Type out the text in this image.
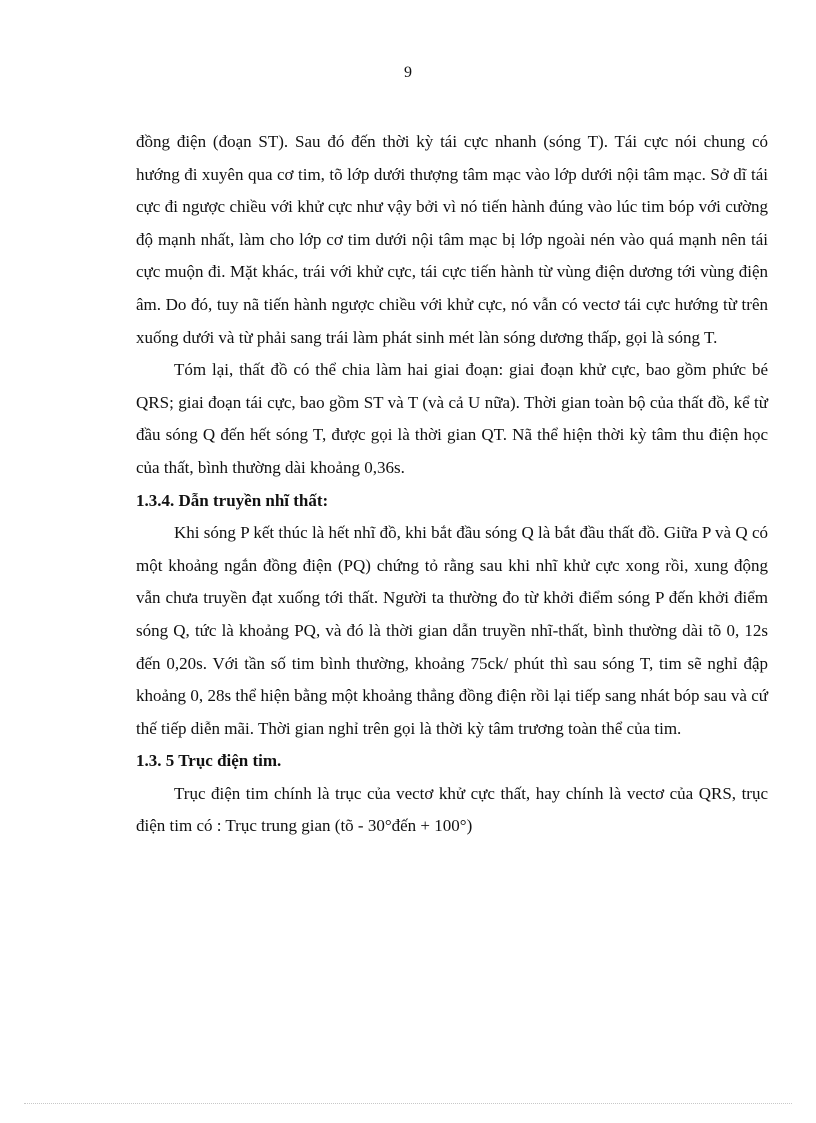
9

đồng điện (đoạn ST). Sau đó đến thời kỳ tái cực nhanh (sóng T). Tái cực nói chung có hướng đi xuyên qua cơ tim, tõ lớp dưới thượng tâm mạc vào lớp dưới nội tâm mạc. Sở dĩ tái cực đi ngược chiều với khử cực như vậy bởi vì nó tiến hành đúng vào lúc tim bóp với cường độ mạnh nhất, làm cho lớp cơ tim dưới nội tâm mạc bị lớp ngoài nén vào quá mạnh nên tái cực muộn đi. Mặt khác, trái với khử cực, tái cực tiến hành từ vùng điện dương tới vùng điện âm. Do đó, tuy nã tiến hành ngược chiều với khử cực, nó vẫn có vectơ tái cực hướng từ trên xuống dưới và từ phải sang trái làm phát sinh mét làn sóng dương thấp, gọi là sóng T.

Tóm lại, thất đồ có thể chia làm hai giai đoạn: giai đoạn khử cực, bao gồm phức bé QRS; giai đoạn tái cực, bao gồm ST và T (và cả U nữa). Thời gian toàn bộ của thất đồ, kể từ đầu sóng Q đến hết sóng T, được gọi là thời gian QT. Nã thể hiện thời kỳ tâm thu điện học của thất, bình thường dài khoảng 0,36s.

1.3.4. Dẫn truyền nhĩ thất:

Khi sóng P kết thúc là hết nhĩ đồ, khi bắt đầu sóng Q là bắt đầu thất đồ. Giữa P và Q có một khoảng ngắn đồng điện (PQ) chứng tỏ rằng sau khi nhĩ khử cực xong rồi, xung động vẫn chưa truyền đạt xuống tới thất. Người ta thường đo từ khởi điểm sóng P đến khởi điểm sóng Q, tức là khoảng PQ, và đó là thời gian dẫn truyền nhĩ-thất, bình thường dài tõ 0, 12s đến 0,20s. Với tần số tim bình thường, khoảng 75ck/ phút thì sau sóng T, tim sẽ nghỉ đập khoảng 0, 28s thể hiện bằng một khoảng thẳng đồng điện rồi lại tiếp sang nhát bóp sau và cứ thế tiếp diễn mãi. Thời gian nghỉ trên gọi là thời kỳ tâm trương toàn thể của tim.

1.3. 5 Trục điện tim.

Trục điện tim chính là trục của vectơ khử cực thất, hay chính là vectơ của QRS, trục điện tim có : Trục trung gian (tõ - 30°đến + 100°)
